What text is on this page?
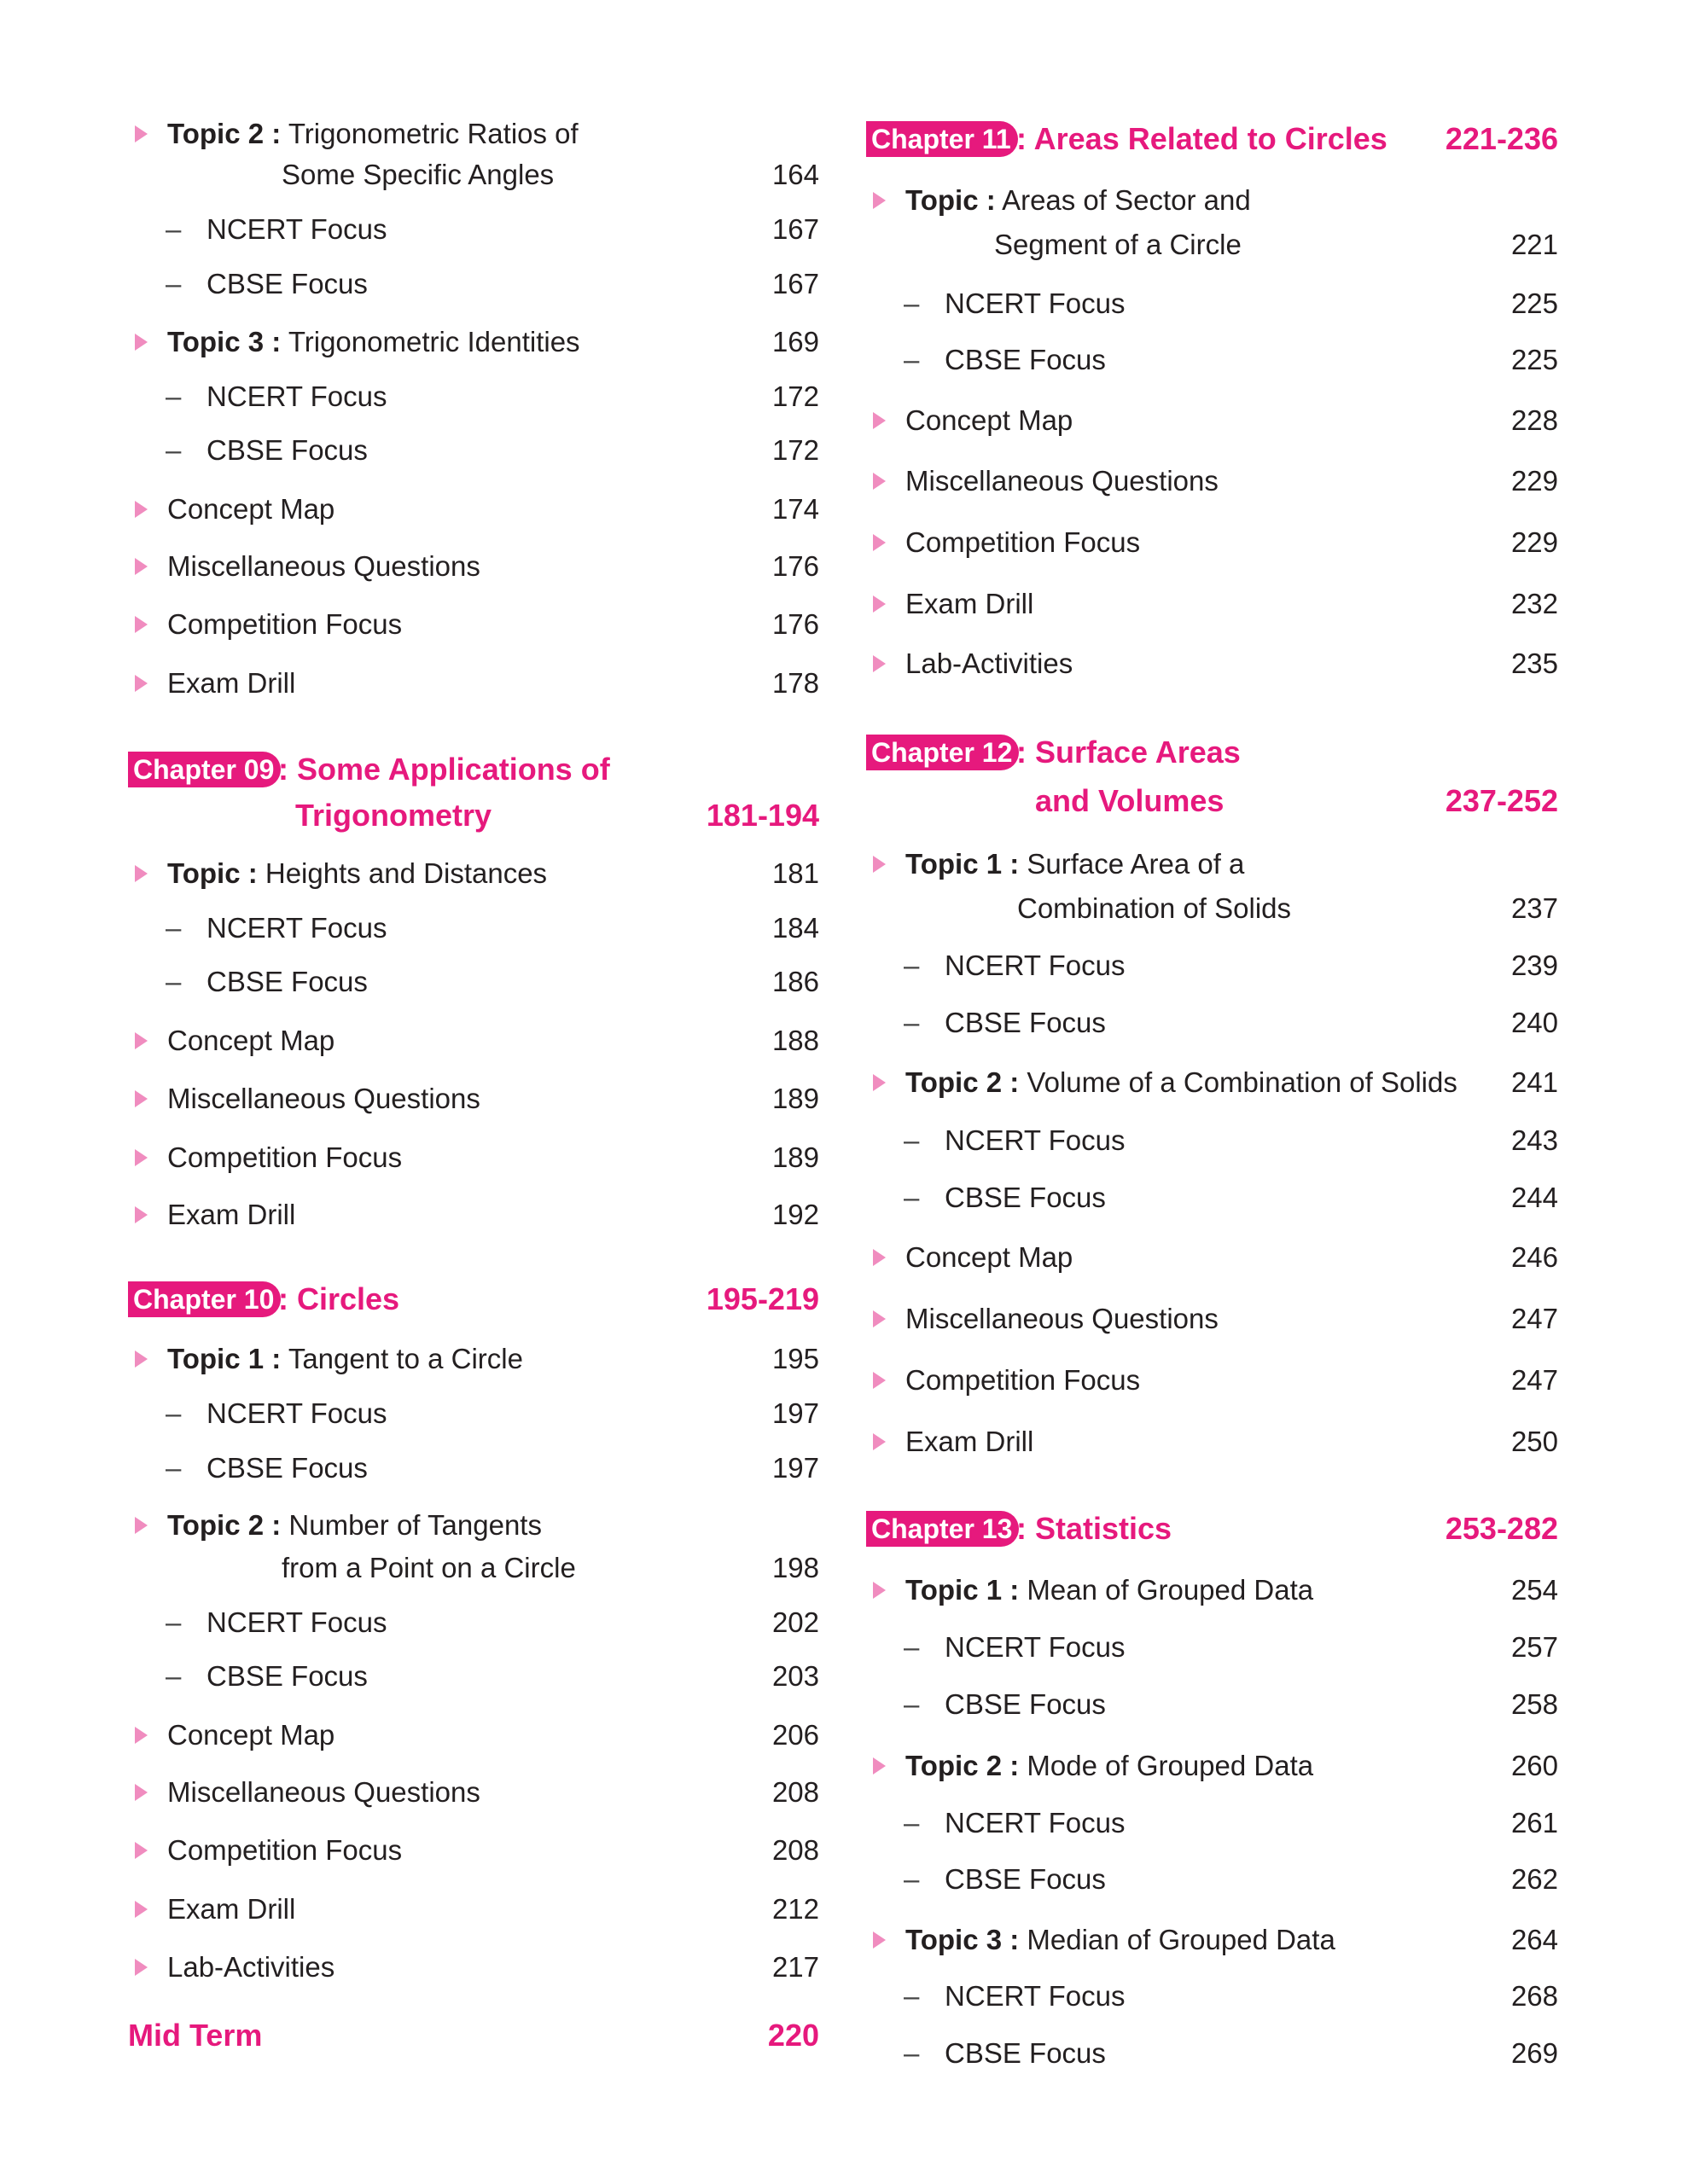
Topic 2 : Trigonometric Ratios of
Some Specific Angles	164
– NCERT Focus	167
– CBSE Focus	167
Topic 3 : Trigonometric Identities	169
– NCERT Focus	172
– CBSE Focus	172
Concept Map	174
Miscellaneous Questions	176
Competition Focus	176
Exam Drill	178
Chapter 09 : Some Applications of
Trigonometry	181-194
Topic : Heights and Distances	181
– NCERT Focus	184
– CBSE Focus	186
Concept Map	188
Miscellaneous Questions	189
Competition Focus	189
Exam Drill	192
Chapter 10 : Circles	195-219
Topic 1 : Tangent to a Circle	195
– NCERT Focus	197
– CBSE Focus	197
Topic 2 : Number of Tangents
from a Point on a Circle	198
– NCERT Focus	202
– CBSE Focus	203
Concept Map	206
Miscellaneous Questions	208
Competition Focus	208
Exam Drill	212
Lab-Activities	217
Mid Term	220
Chapter 11 : Areas Related to Circles 221-236
Topic : Areas of Sector and
Segment of a Circle	221
– NCERT Focus	225
– CBSE Focus	225
Concept Map	228
Miscellaneous Questions	229
Competition Focus	229
Exam Drill	232
Lab-Activities	235
Chapter 12 : Surface Areas
and Volumes	237-252
Topic 1 : Surface Area of a
Combination of Solids	237
– NCERT Focus	239
– CBSE Focus	240
Topic 2 : Volume of a Combination of Solids 241
– NCERT Focus	243
– CBSE Focus	244
Concept Map	246
Miscellaneous Questions	247
Competition Focus	247
Exam Drill	250
Chapter 13 : Statistics	253-282
Topic 1 : Mean of Grouped Data	254
– NCERT Focus	257
– CBSE Focus	258
Topic 2 : Mode of Grouped Data	260
– NCERT Focus	261
– CBSE Focus	262
Topic 3 : Median of Grouped Data	264
– NCERT Focus	268
– CBSE Focus	269
